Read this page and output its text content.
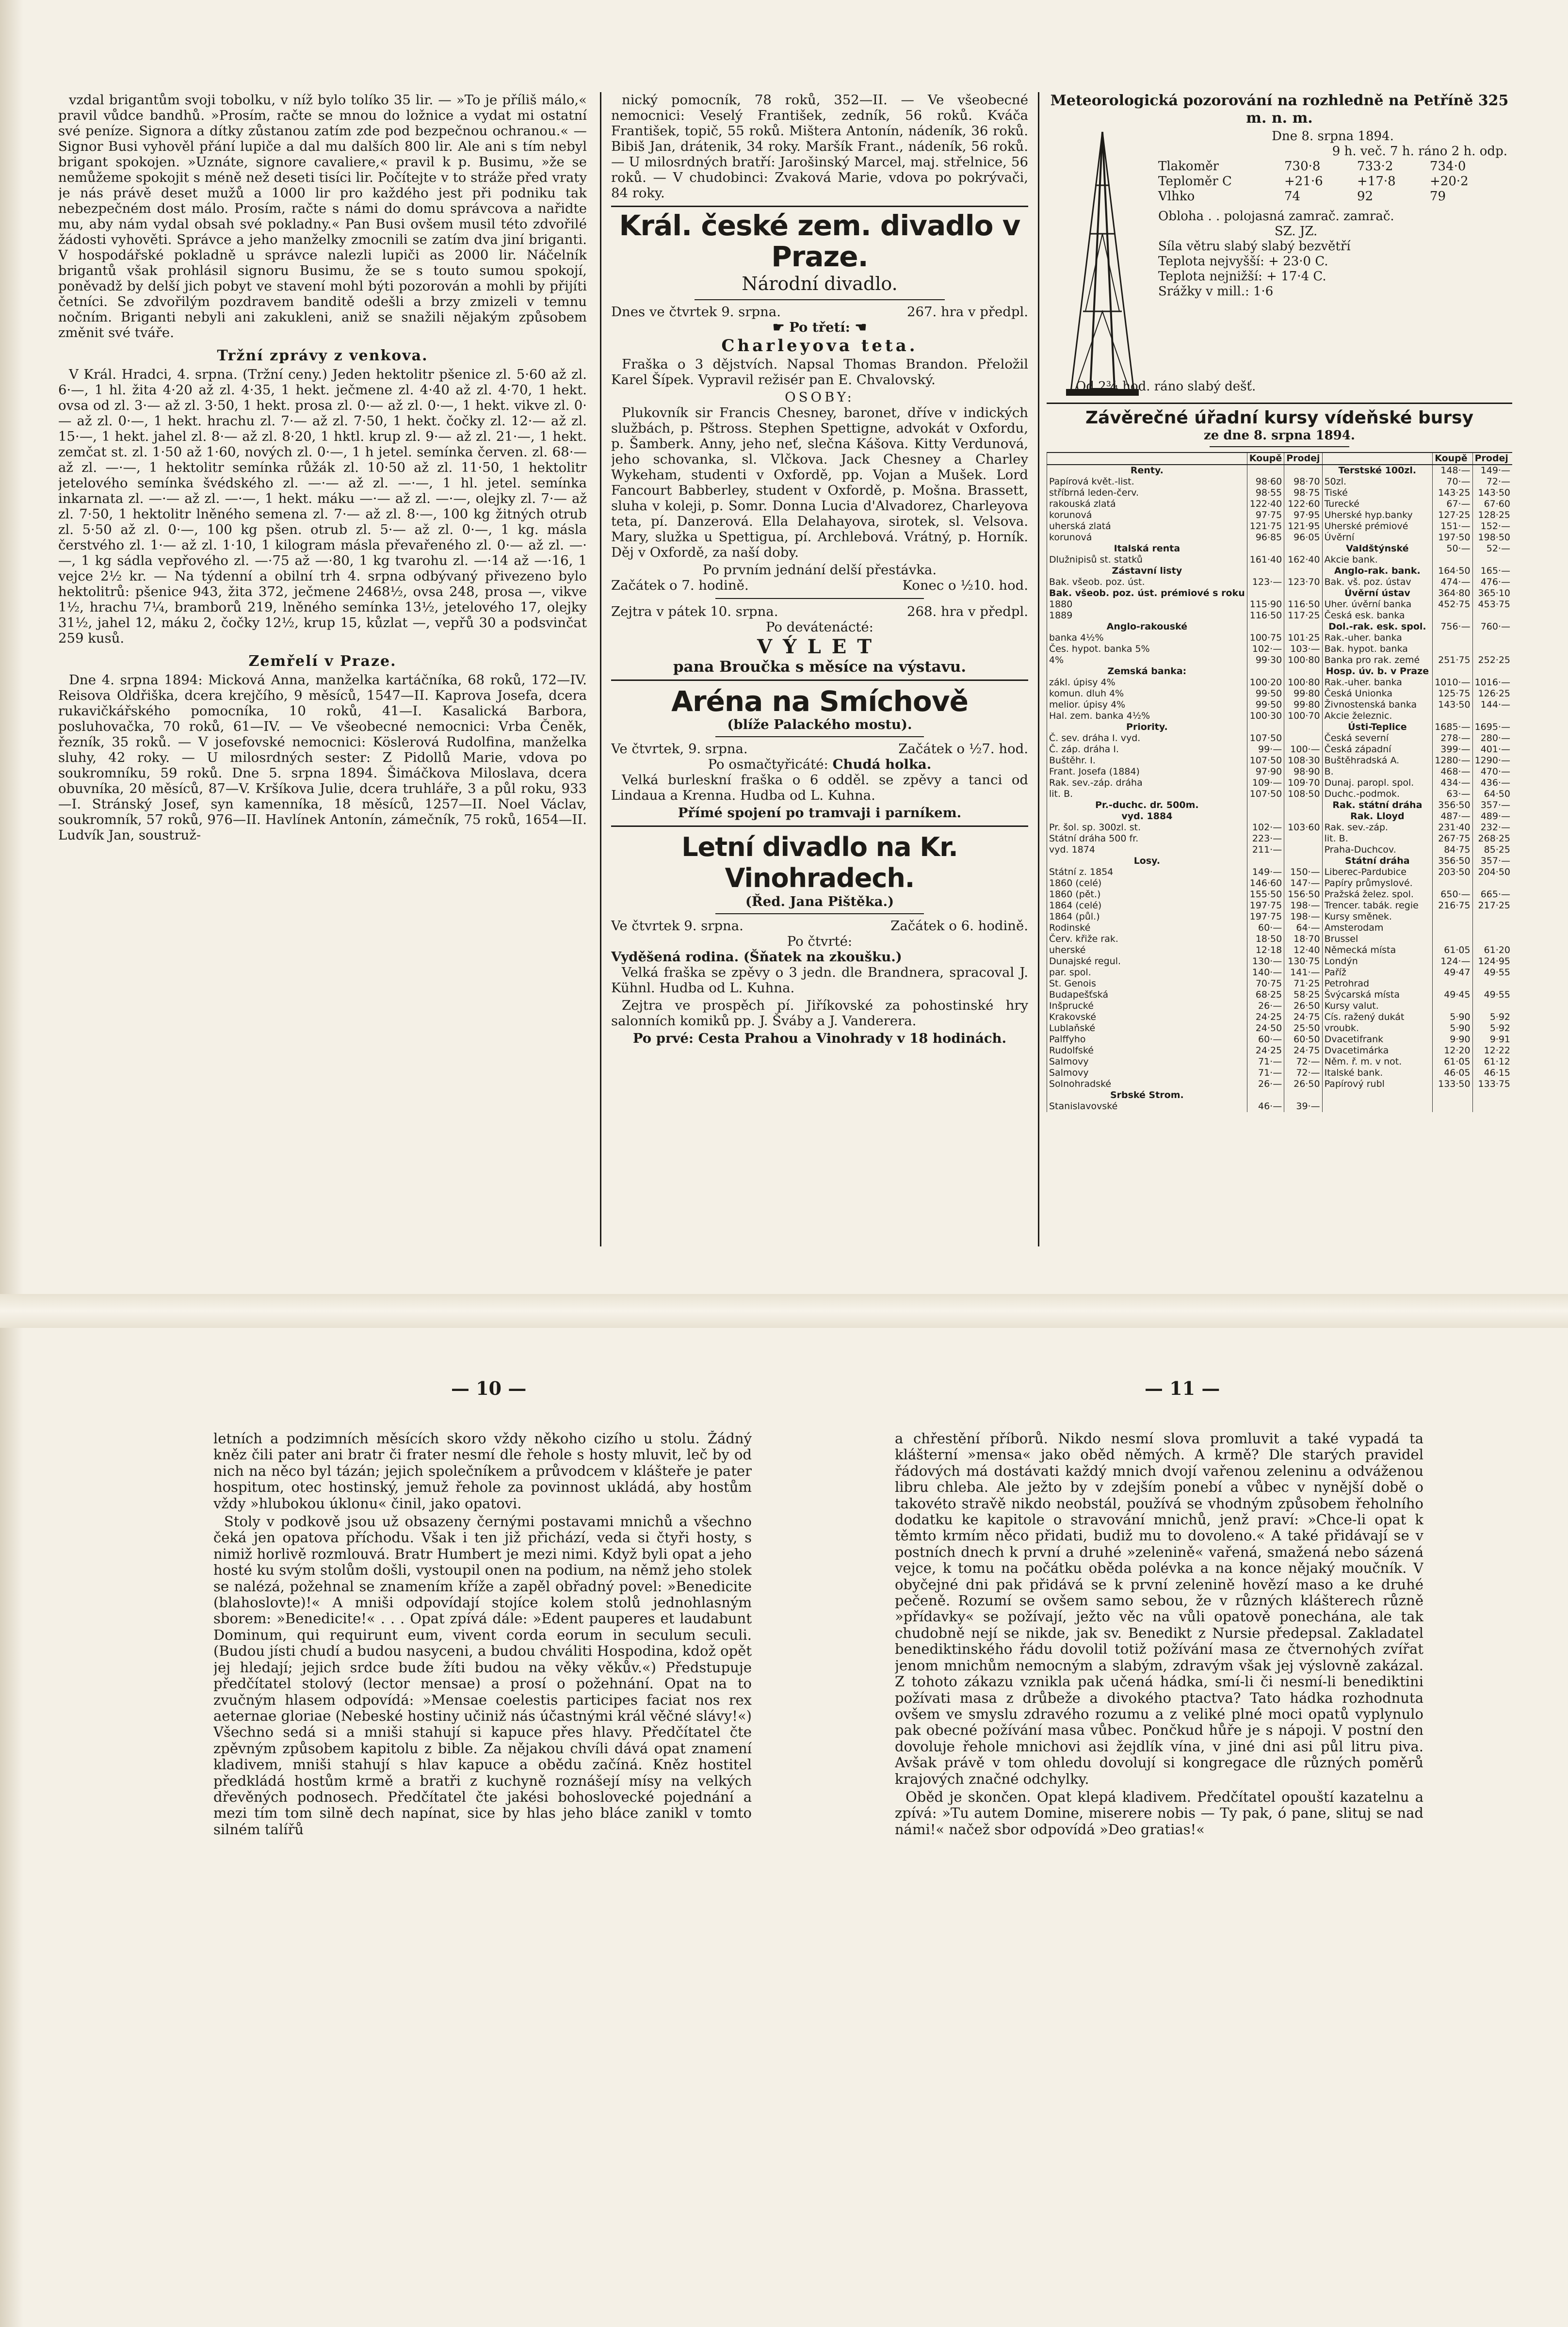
vzdal brigantům svoji tobolku, v níž bylo tolíko 35 lir. — »To je příliš málo,« pravil vůdce bandhů. »Prosím, račte se mnou do ložnice a vydat mi ostatní své peníze. Signora a dítky zůstanou zatím zde pod bezpečnou ochranou.« — Signor Busi vyhověl přání lupiče a dal mu dalších 800 lir. Ale ani s tím nebyl brigant spokojen. »Uznáte, signore cavaliere,« pravil k p. Busimu, »že se nemůžeme spokojit s méně než deseti tisíci lir. Počítejte v to stráže před vraty je nás právě deset mužů a 1000 lir pro každého jest při podniku tak nebezpečném dost málo. Prosím, račte s námi do domu správcova a nařidte mu, aby nám vydal obsah své pokladny.« Pan Busi ovšem musil této zdvořilé žádosti vyhověti. Správce a jeho manželky zmocnili se zatím dva jiní briganti. V hospodářské pokladně u správce nalezli lupiči as 2000 lir. Náčelník brigantů však prohlásil signoru Busimu, že se s touto sumou spokojí, poněvadž by delší jich pobyt ve stavení mohl býti pozorován a mohli by přijíti četníci. Se zdvořilým pozdravem banditě odešli a brzy zmizeli v temnu nočním. Briganti nebyli ani zakukleni, aniž se snažili nějakým způsobem změnit své tváře.

Tržní zprávy z venkova.

V Král. Hradci, 4. srpna. (Tržní ceny.) Jeden hektolitr pšenice zl. 5·60 až zl. 6·—, 1 hl. žita 4·20 až zl. 4·35, 1 hekt. ječmene zl. 4·40 až zl. 4·70, 1 hekt. ovsa od zl. 3·— až zl. 3·50, 1 hekt. prosa zl. 0·— až zl. 0·—, 1 hekt. vikve zl. 0·— až zl. 0·—, 1 hekt. hrachu zl. 7·— až zl. 7·50, 1 hekt. čočky zl. 12·— až zl. 15·—, 1 hekt. jahel zl. 8·— až zl. 8·20, 1 hktl. krup zl. 9·— až zl. 21·—, 1 hekt. zemčat st. zl. 1·50 až 1·60, nových zl. 0·—, 1 h jetel. semínka červen. zl. 68·— až zl. —·—, 1 hektolitr semínka růžák zl. 10·50 až zl. 11·50, 1 hektolitr jetelového semínka švédského zl. —·— až zl. —·—, 1 hl. jetel. semínka inkarnata zl. —·— až zl. —·—, 1 hekt. máku —·— až zl. —·—, olejky zl. 7·— až zl. 7·50, 1 hektolitr lněného semena zl. 7·— až zl. 8·—, 100 kg žitných otrub zl. 5·50 až zl. 0·—, 100 kg pšen. otrub zl. 5·— až zl. 0·—, 1 kg. másla čerstvého zl. 1·— až zl. 1·10, 1 kilogram másla převařeného zl. 0·— až zl. —·—, 1 kg sádla vepřového zl. —·75 až —·80, 1 kg tvarohu zl. —·14 až —·16, 1 vejce 2½ kr. — Na týdenní a obilní trh 4. srpna odbývaný přivezeno bylo hektolitrů: pšenice 943, žita 372, ječmene 2468½, ovsa 248, prosa —, vikve 1½, hrachu 7¼, bramborů 219, lněného semínka 13½, jetelového 17, olejky 31½, jahel 12, máku 2, čočky 12½, krup 15, kůzlat —, vepřů 30 a podsvinčat 259 kusů.

Zemřelí v Praze.

Dne 4. srpna 1894: Micková Anna, manželka kartáčníka, 68 roků, 172—IV. Reisova Oldřiška, dcera krejčího, 9 měsíců, 1547—II. Kaprova Josefa, dcera rukavičkářského pomocníka, 10 roků, 41—I. Kasalická Barbora, posluhovačka, 70 roků, 61—IV. — Ve všeobecné nemocnici: Vrba Čeněk, řezník, 35 roků. — V josefovské nemocnici: Köslerová Rudolfina, manželka sluhy, 42 roky. — U milosrdných sester: Z Pidollů Marie, vdova po soukromníku, 59 roků. Dne 5. srpna 1894. Šimáčkova Miloslava, dcera obuvníka, 20 měsíců, 87—V. Kršíkova Julie, dcera truhláře, 3 a půl roku, 933—I. Stránský Josef, syn kamenníka, 18 měsíců, 1257—II. Noel Václav, soukromník, 57 roků, 976—II. Havlínek Antonín, zámečník, 75 roků, 1654—II. Ludvík Jan, soustruž-

nický pomocník, 78 roků, 352—II. — Ve všeobecné nemocnici: Veselý František, zedník, 56 roků. Kváča František, topič, 55 roků. Mištera Antonín, nádeník, 36 roků. Bibiš Jan, drátenik, 34 roky. Maršík Frant., nádeník, 56 roků. — U milosrdných bratří: Jarošinský Marcel, maj. střelnice, 56 roků. — V chudobinci: Zvaková Marie, vdova po pokrývači, 84 roky.

Král. české zem. divadlo v Praze.
Národní divadlo.
Dnes ve čtvrtek 9. srpna.	267. hra v předpl.
☛ Po třetí: ☚
Charleyova teta.

Fraška o 3 dějstvích. Napsal Thomas Brandon. Přeložil Karel Šípek. Vypravil režisér pan E. Chvalovský.

OSOBY:

Plukovník sir Francis Chesney, baronet, dříve v indických službách, p. Pštross. Stephen Spettigne, advokát v Oxfordu, p. Šamberk. Anny, jeho neť, slečna Kášova. Kitty Verdunová, jeho schovanka, sl. Vlčkova. Jack Chesney a Charley Wykeham, studenti v Oxfordě, pp. Vojan a Mušek. Lord Fancourt Babberley, student v Oxfordě, p. Mošna. Brassett, sluha v koleji, p. Somr. Donna Lucia d'Alvadorez, Charleyova teta, pí. Danzerová. Ella Delahayova, sirotek, sl. Velsova. Mary, služka u Spettigua, pí. Archlebová. Vrátný, p. Horník. Děj v Oxfordě, za naší doby.

Po prvním jednání delší přestávka.
Začátek o 7. hodině.	Konec o ½10. hod.
Zejtra v pátek 10. srpna.	268. hra v předpl.
Po devátenácté:
VÝLET
pana Broučka s měsíce na výstavu.
Aréna na Smíchově
(blíže Palackého mostu).
Ve čtvrtek, 9. srpna.	Začátek o ½7. hod.
Po osmačtyřicáté: Chudá holka.

Velká burleskní fraška o 6 odděl. se zpěvy a tanci od Lindaua a Krenna. Hudba od L. Kuhna.

Přímé spojení po tramvaji i parníkem.
Letní divadlo na Kr. Vinohradech.
(Řed. Jana Pištěka.)
Ve čtvrtek 9. srpna.	Začátek o 6. hodině.
Po čtvrté:
Vyděšená rodina. (Šňatek na zkoušku.)

Velká fraška se zpěvy o 3 jedn. dle Brandnera, spracoval J. Kühnl. Hudba od L. Kuhna.

Zejtra ve prospěch pí. Jiříkovské za pohostinské hry salonních komiků pp. J. Šváby a J. Vanderera.

Po prvé: Cesta Prahou a Vinohrady v 18 hodinách.
Meteorologická pozorování na rozhledně na Petříně 325 m. n. m.
Dne 8. srpna 1894.
9 h. več. 7 h. ráno 2 h. odp.
Tlakoměr	730·8	733·2	734·0
Teploměr C	+21·6	+17·8	+20·2
Vlhko	74	92	79
Obloha . . polojasná zamrač. zamrač.
SZ. JZ.
Síla větru slabý slabý bezvětří
Teplota nejvyšší: + 23·0 C.
Teplota nejnižší: + 17·4 C.
Srážky v mill.: 1·6
Od 2¾ hod. ráno slabý dešť.
Závěrečné úřadní kursy vídeňské bursy
ze dne 8. srpna 1894.
	Koupě	Prodej		Koupě	Prodej
Renty.			Terstské 100zl.	148·—	149·—
Papírová květ.-list.	98·60	98·70	50zl.	70·—	72·—
stříbrná leden-červ.	98·55	98·75	Tiské	143·25	143·50
rakouská zlatá	122·40	122·60	Turecké	67·—	67·60
korunová	97·75	97·95	Uherské hyp.banky	127·25	128·25
uherská zlatá	121·75	121·95	Uherské prémiové	151·—	152·—
korunová	96·85	96·05	Úvěrní	197·50	198·50
Italská renta			Valdštýnské	50·—	52·—
Dlužnipisů st. statků	161·40	162·40	Akcie bank.		
Zástavní listy			Anglo-rak. bank.	164·50	165·—
Bak. všeob. poz. úst.	123·—	123·70	Bak. vš. poz. ústav	474·—	476·—
Bak. všeob. poz. úst. prémiové s roku			Úvěrní ústav	364·80	365·10
1880	115·90	116·50	Uher. úvěrní banka	452·75	453·75
1889	116·50	117·25	Česká esk. banka		
Anglo-rakouské			Dol.-rak. esk. spol.	756·—	760·—
banka 4½%	100·75	101·25	Rak.-uher. banka		
Čes. hypot. banka 5%	102·—	103·—	Bak. hypot. banka		
4%	99·30	100·80	Banka pro rak. zemé	251·75	252·25
Zemská banka:			Hosp. úv. b. v Praze		
zákl. úpisy 4%	100·20	100·80	Rak.-uher. banka	1010·—	1016·—
komun. dluh 4%	99·50	99·80	Česká Unionka	125·75	126·25
melior. úpisy 4%	99·50	99·80	Živnostenská banka	143·50	144·—
Hal. zem. banka 4½%	100·30	100·70	Akcie železnic.		
Priority.			Ústi-Teplice	1685·—	1695·—
Č. sev. dráha I. vyd.	107·50		Česká severní	278·—	280·—
Č. záp. dráha I.	99·—	100·—	Česká západní	399·—	401·—
Buštěhr. I.	107·50	108·30	Buštěhradská A.	1280·—	1290·—
Frant. Josefa (1884)	97·90	98·90	B.	468·—	470·—
Rak. sev.-záp. dráha	109·—	109·70	Dunaj. paropl. spol.	434·—	436·—
lit. B.	107·50	108·50	Duchc.-podmok.	63·—	64·50
Pr.-duchc. dr. 500m.			Rak. státní dráha	356·50	357·—
vyd. 1884			Rak. Lloyd	487·—	489·—
Pr. šol. sp. 300zl. st.	102·—	103·60	Rak. sev.-záp.	231·40	232·—
Státní dráha 500 fr.	223·—		lit. B.	267·75	268·25
vyd. 1874	211·—		Praha-Duchcov.	84·75	85·25
Losy.			Státní dráha	356·50	357·—
Státní z. 1854	149·—	150·—	Liberec-Pardubice	203·50	204·50
1860 (celé)	146·60	147·—	Papíry průmyslové.		
1860 (pět.)	155·50	156·50	Pražská želez. spol.	650·—	665·—
1864 (celé)	197·75	198·—	Trencer. tabák. regie	216·75	217·25
1864 (půl.)	197·75	198·—	Kursy směnek.		
Rodinské	60·—	64·—	Amsterodam		
Červ. křiže rak.	18·50	18·70	Brussel		
uherské	12·18	12·40	Německá místa	61·05	61·20
Dunajské regul.	130·—	130·75	Londýn	124·—	124·95
par. spol.	140·—	141·—	Paříž	49·47	49·55
St. Genois	70·75	71·25	Petrohrad		
Budapešťská	68·25	58·25	Švýcarská místa	49·45	49·55
Inšprucké	26·—	26·50	Kursy valut.		
Krakovské	24·25	24·75	Cís. ražený dukát	5·90	5·92
Lublaňské	24·50	25·50	vroubk.	5·90	5·92
Palffyho	60·—	60·50	Dvacetifrank	9·90	9·91
Rudolfské	24·25	24·75	Dvacetimárka	12·20	12·22
Salmovy	71·—	72·—	Něm. ř. m. v not.	61·05	61·12
Salmovy	71·—	72·—	Italské bank.	46·05	46·15
Solnohradské	26·—	26·50	Papírový rubl	133·50	133·75
Srbské Strom.					
Stanislavovské	46·—	39·—			
— 10 —	— 11 —

letních a podzimních měsících skoro vždy někoho cizího u stolu. Žádný kněz čili pater ani bratr či frater nesmí dle řehole s hosty mluvit, leč by od nich na něco byl tázán; jejich společníkem a průvodcem v klášteře je pater hospitum, otec hostinský, jemuž řehole za povinnost ukládá, aby hostům vždy »hlubokou úklonu« činil, jako opatovi.

Stoly v podkově jsou už obsazeny černými postavami mnichů a všechno čeká jen opatova příchodu. Však i ten již přichází, veda si čtyři hosty, s nimiž horlivě rozmlouvá. Bratr Humbert je mezi nimi. Když byli opat a jeho hosté ku svým stolům došli, vystoupil onen na podium, na němž jeho stolek se nalézá, požehnal se znamením kříže a zapěl obřadný povel: »Benedicite (blahoslovte)!« A mniši odpovídají stojíce kolem stolů jednohlasným sborem: »Benedicite!« . . . Opat zpívá dále: »Edent pauperes et laudabunt Dominum, qui requirunt eum, vivent corda eorum in seculum seculi. (Budou jísti chudí a budou nasyceni, a budou chváliti Hospodina, kdož opět jej hledají; jejich srdce bude žíti budou na věky věkův.«) Předstupuje předčítatel stolový (lector mensae) a prosí o požehnání. Opat na to zvučným hlasem odpovídá: »Mensae coelestis participes faciat nos rex aeternae gloriae (Nebeské hostiny učiniž nás účastnými král věčné slávy!«) Všechno sedá si a mniši stahují si kapuce přes hlavy. Předčítatel čte zpěvným způsobem kapitolu z bible. Za nějakou chvíli dává opat znamení kladivem, mniši stahují s hlav kapuce a obědu začíná. Kněz hostitel předkládá hostům krmě a bratři z kuchyně roznášejí mísy na velkých dřevěných podnosech. Předčítatel čte jakési bohoslovecké pojednání a mezi tím tom silně dech napínat, sice by hlas jeho bláce zanikl v tomto silném talířů

a chřestění příborů. Nikdo nesmí slova promluvit a také vypadá ta klášterní »mensa« jako oběd němých. A krmě? Dle starých pravidel řádových má dostávati každý mnich dvojí vařenou zeleninu a odváženou libru chleba. Ale ježto by v zdejším ponebí a vůbec v nynější době o takovéto strav̌ě nikdo neobstál, používá se vhodným způsobem řeholního dodatku ke kapitole o stravování mnichů, jenž praví: »Chce-li opat k těmto krmím něco přidati, budiž mu to dovoleno.« A také přidávají se v postních dnech k první a druhé »zelenině« vařená, smažená nebo sázená vejce, k tomu na počátku oběda polévka a na konce nějaký moučník. V obyčejné dni pak přidává se k první zelenině hovězí maso a ke druhé pečeně. Rozumí se ovšem samo sebou, že v různých klášterech různě »přídavky« se požívají, ježto věc na vůli opatově ponechána, ale tak chudobně nejí se nikde, jak sv. Benedikt z Nursie předepsal. Zakladatel benediktinského řádu dovolil totiž požívání masa ze čtvernohých zvířat jenom mnichům nemocným a slabým, zdravým však jej výslovně zakázal. Z tohoto zákazu vznikla pak učená hádka, smí-li či nesmí-li benediktini požívati masa z drůbeže a divokého ptactva? Tato hádka rozhodnuta ovšem ve smyslu zdravého rozumu a z veliké plné moci opatů vyplynulo pak obecné požívání masa vůbec. Pončkud hůře je s nápoji. V postní den dovoluje řehole mnichovi asi žejdlík vína, v jiné dni asi půl litru piva. Avšak právě v tom ohledu dovolují si kongregace dle různých poměrů krajových značné odchylky.

Oběd je skončen. Opat klepá kladivem. Předčítatel opouští kazatelnu a zpívá: »Tu autem Domine, miserere nobis — Ty pak, ó pane, slituj se nad námi!« načež sbor odpovídá »Deo gratias!«
